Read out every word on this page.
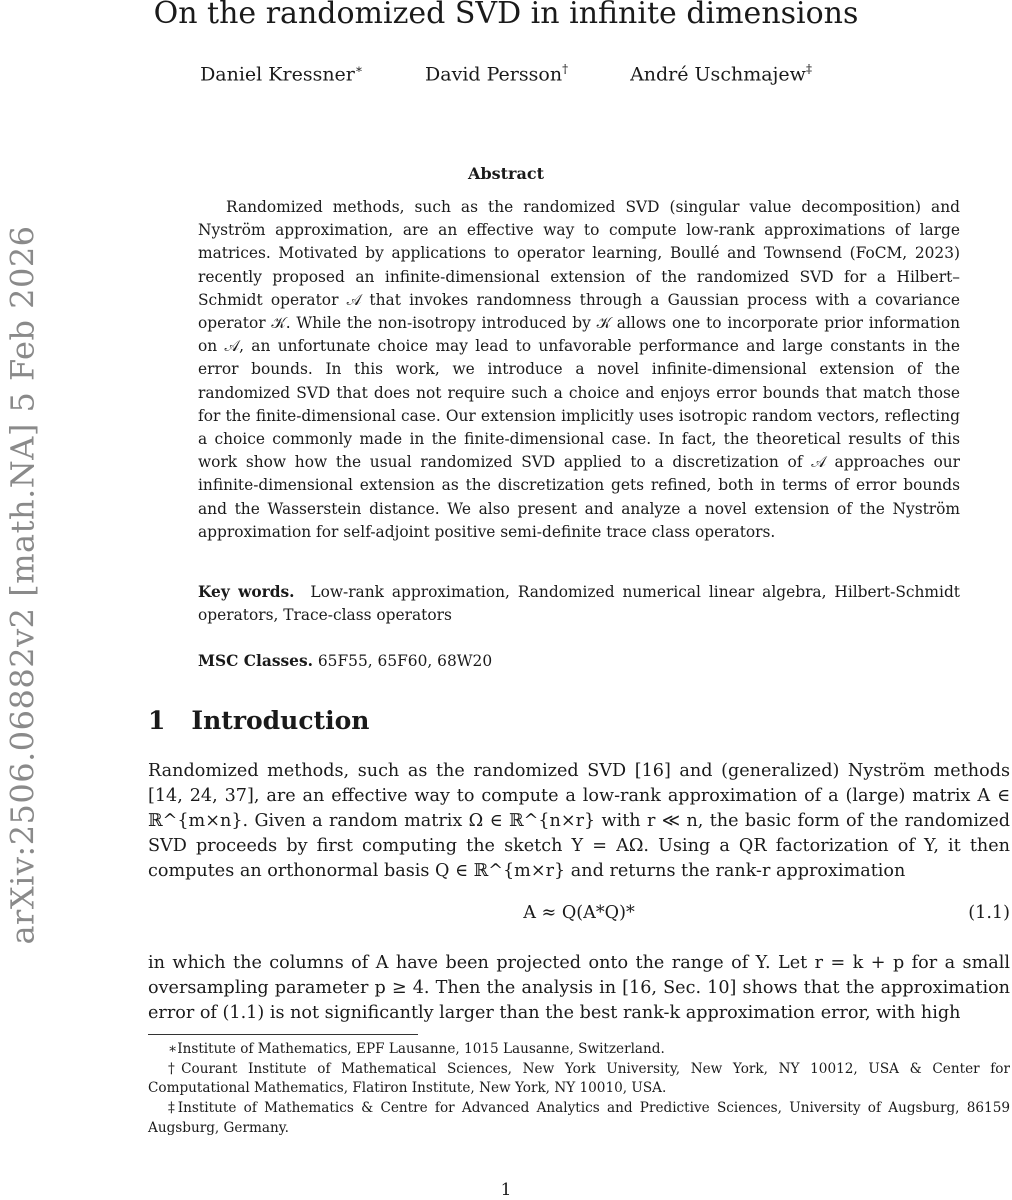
arXiv:2506.06882v2 [math.NA] 5 Feb 2026
On the randomized SVD in infinite dimensions
Daniel Kressner∗	David Persson†	André Uschmajew‡
Abstract

Randomized methods, such as the randomized SVD (singular value decomposition) and Nyström approximation, are an effective way to compute low-rank approximations of large matrices. Motivated by applications to operator learning, Boullé and Townsend (FoCM, 2023) recently proposed an infinite-dimensional extension of the randomized SVD for a Hilbert–Schmidt operator 𝒜 that invokes randomness through a Gaussian process with a covariance operator 𝒦. While the non-isotropy introduced by 𝒦 allows one to incorporate prior information on 𝒜, an unfortunate choice may lead to unfavorable performance and large constants in the error bounds. In this work, we introduce a novel infinite-dimensional extension of the randomized SVD that does not require such a choice and enjoys error bounds that match those for the finite-dimensional case. Our extension implicitly uses isotropic random vectors, reflecting a choice commonly made in the finite-dimensional case. In fact, the theoretical results of this work show how the usual randomized SVD applied to a discretization of 𝒜 approaches our infinite-dimensional extension as the discretization gets refined, both in terms of error bounds and the Wasserstein distance. We also present and analyze a novel extension of the Nyström approximation for self-adjoint positive semi-definite trace class operators.

Key words. Low-rank approximation, Randomized numerical linear algebra, Hilbert-Schmidt operators, Trace-class operators

MSC Classes. 65F55, 65F60, 68W20

1 Introduction

Randomized methods, such as the randomized SVD [16] and (generalized) Nyström methods [14, 24, 37], are an effective way to compute a low-rank approximation of a (large) matrix A ∈ ℝ^{m×n}. Given a random matrix Ω ∈ ℝ^{n×r} with r ≪ n, the basic form of the randomized SVD proceeds by first computing the sketch Y = AΩ. Using a QR factorization of Y, it then computes an orthonormal basis Q ∈ ℝ^{m×r} and returns the rank-r approximation

A ≈ Q(A*Q)*	(1.1)

in which the columns of A have been projected onto the range of Y. Let r = k + p for a small oversampling parameter p ≥ 4. Then the analysis in [16, Sec. 10] shows that the approximation error of (1.1) is not significantly larger than the best rank-k approximation error, with high

∗Institute of Mathematics, EPF Lausanne, 1015 Lausanne, Switzerland.

†Courant Institute of Mathematical Sciences, New York University, New York, NY 10012, USA & Center for Computational Mathematics, Flatiron Institute, New York, NY 10010, USA.

‡Institute of Mathematics & Centre for Advanced Analytics and Predictive Sciences, University of Augsburg, 86159 Augsburg, Germany.

1
